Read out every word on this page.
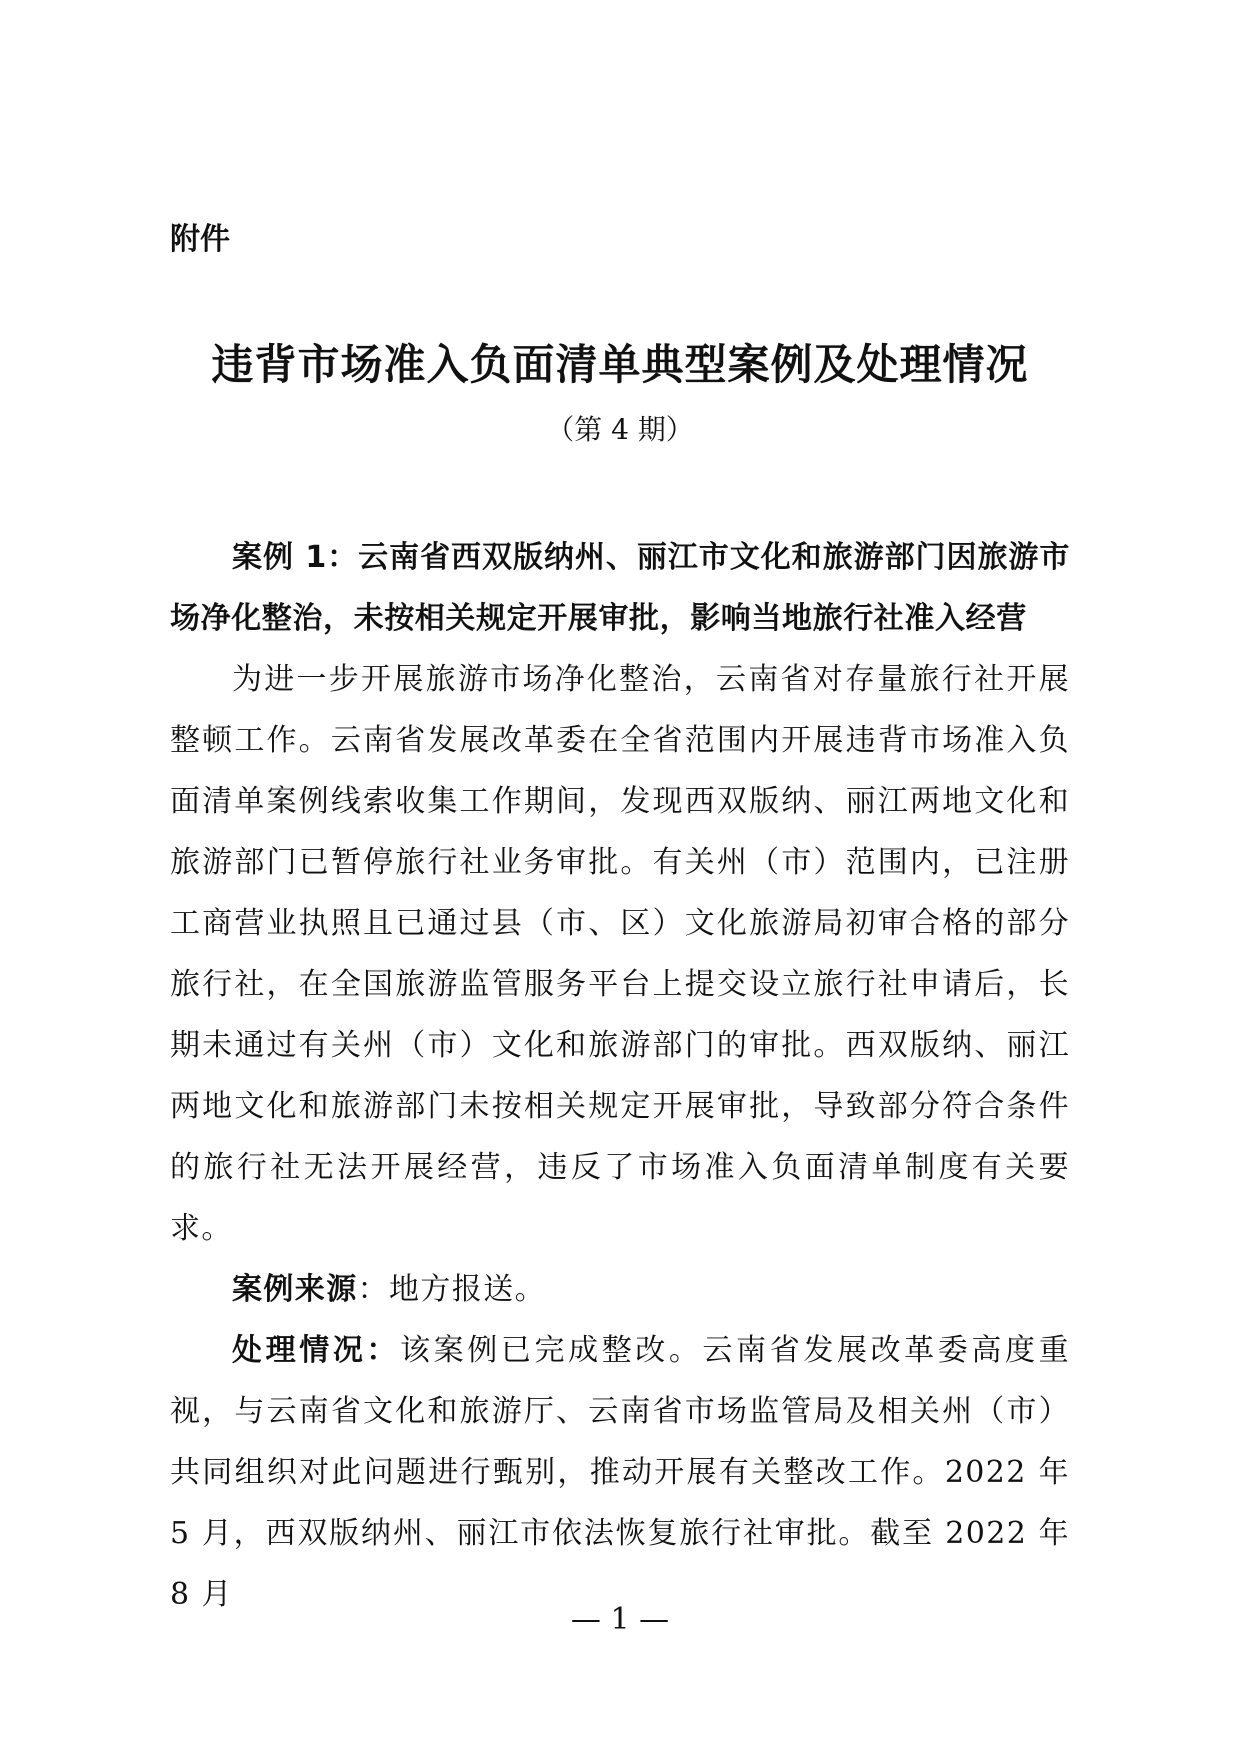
附件

违背市场准入负面清单典型案例及处理情况

（第 4 期）

案例 1：云南省西双版纳州、丽江市文化和旅游部门因旅游市场净化整治，未按相关规定开展审批，影响当地旅行社准入经营

为进一步开展旅游市场净化整治，云南省对存量旅行社开展整顿工作。云南省发展改革委在全省范围内开展违背市场准入负面清单案例线索收集工作期间，发现西双版纳、丽江两地文化和旅游部门已暂停旅行社业务审批。有关州（市）范围内，已注册工商营业执照且已通过县（市、区）文化旅游局初审合格的部分旅行社，在全国旅游监管服务平台上提交设立旅行社申请后，长期未通过有关州（市）文化和旅游部门的审批。西双版纳、丽江两地文化和旅游部门未按相关规定开展审批，导致部分符合条件的旅行社无法开展经营，违反了市场准入负面清单制度有关要求。

案例来源：地方报送。

处理情况：该案例已完成整改。云南省发展改革委高度重视，与云南省文化和旅游厅、云南省市场监管局及相关州（市）共同组织对此问题进行甄别，推动开展有关整改工作。2022 年 5 月，西双版纳州、丽江市依法恢复旅行社审批。截至 2022 年 8 月

— 1 —
